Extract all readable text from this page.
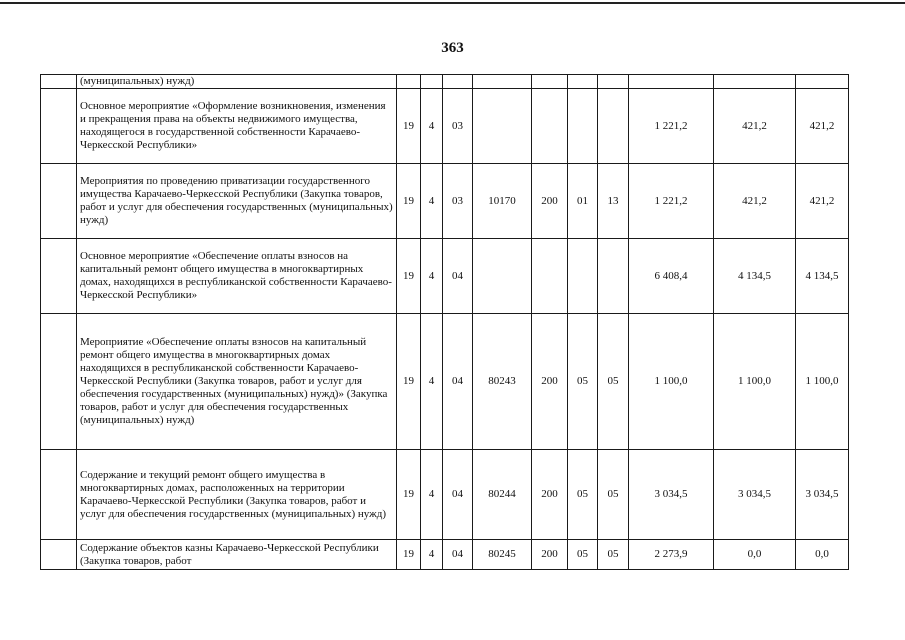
363
	(муниципальных) нужд)										
	Основное мероприятие «Оформление возникновения, изменения и прекращения права на объекты недвижимого имущества, находящегося в государственной собственности Карачаево-Черкесской Республики»	19	4	03					1 221,2	421,2	421,2
	Мероприятия по проведению приватизации государственного имущества Карачаево-Черкесской Республики (Закупка товаров, работ и услуг для обеспечения государственных (муниципальных) нужд)	19	4	03	10170	200	01	13	1 221,2	421,2	421,2
	Основное мероприятие «Обеспечение оплаты взносов на капитальный ремонт общего имущества в многоквартирных домах, находящихся в республиканской собственности Карачаево-Черкесской Республики»	19	4	04					6 408,4	4 134,5	4 134,5
	Мероприятие «Обеспечение оплаты взносов на капитальный ремонт общего имущества в многоквартирных домах находящихся в республиканской собственности Карачаево-Черкесской Республики (Закупка товаров, работ и услуг для обеспечения государственных (муниципальных) нужд)» (Закупка товаров, работ и услуг для обеспечения государственных (муниципальных) нужд)	19	4	04	80243	200	05	05	1 100,0	1 100,0	1 100,0
	Содержание и текущий ремонт общего имущества в многоквартирных домах, расположенных на территории Карачаево-Черкесской Республики (Закупка товаров, работ и услуг для обеспечения государственных (муниципальных) нужд)	19	4	04	80244	200	05	05	3 034,5	3 034,5	3 034,5
	Содержание объектов казны Карачаево-Черкесской Республики (Закупка товаров, работ	19	4	04	80245	200	05	05	2 273,9	0,0	0,0
